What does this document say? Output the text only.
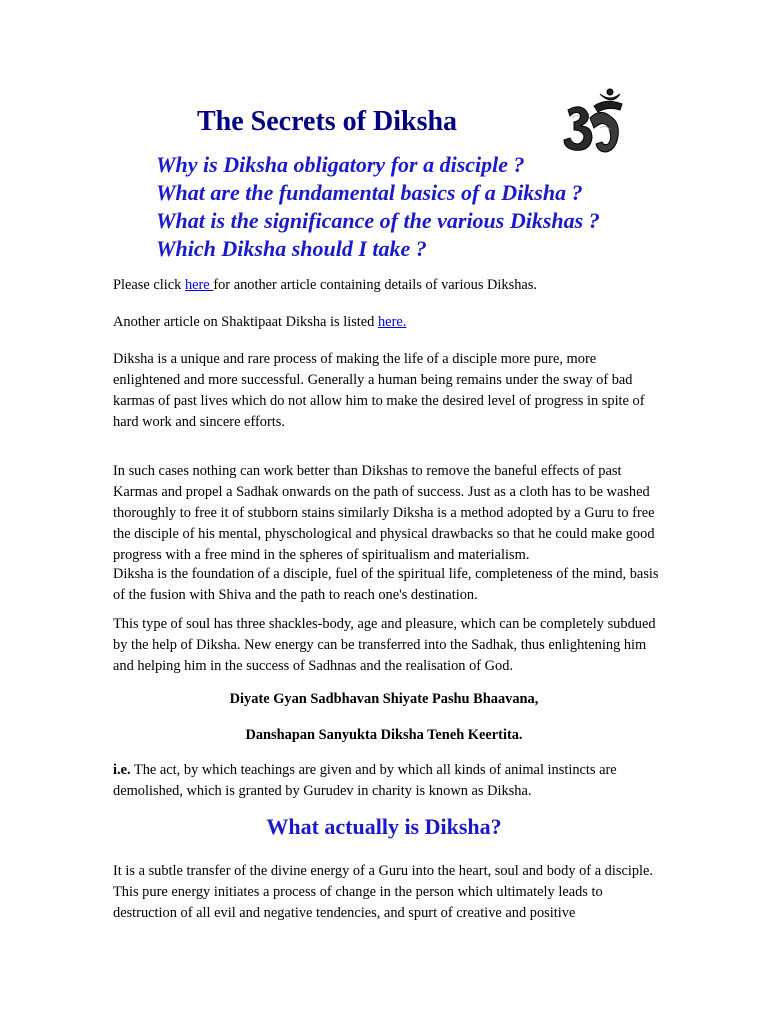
The Secrets of Diksha
Why is Diksha obligatory for a disciple ?
What are the fundamental basics of a Diksha ?
What is the significance of the various Dikshas ?
Which Diksha should I take ?

Please click here for another article containing details of various Dikshas.

Another article on Shaktipaat Diksha is listed here.

Diksha is a unique and rare process of making the life of a disciple more pure, more enlightened and more successful. Generally a human being remains under the sway of bad karmas of past lives which do not allow him to make the desired level of progress in spite of hard work and sincere efforts.

In such cases nothing can work better than Dikshas to remove the baneful effects of past Karmas and propel a Sadhak onwards on the path of success. Just as a cloth has to be washed thoroughly to free it of stubborn stains similarly Diksha is a method adopted by a Guru to free the disciple of his mental, physchological and physical drawbacks so that he could make good progress with a free mind in the spheres of spiritualism and materialism.

Diksha is the foundation of a disciple, fuel of the spiritual life, completeness of the mind, basis of the fusion with Shiva and the path to reach one's destination.

This type of soul has three shackles-body, age and pleasure, which can be completely subdued by the help of Diksha. New energy can be transferred into the Sadhak, thus enlightening him and helping him in the success of Sadhnas and the realisation of God.

Diyate Gyan Sadbhavan Shiyate Pashu Bhaavana,

Danshapan Sanyukta Diksha Teneh Keertita.

i.e. The act, by which teachings are given and by which all kinds of animal instincts are demolished, which is granted by Gurudev in charity is known as Diksha.

What actually is Diksha?

It is a subtle transfer of the divine energy of a Guru into the heart, soul and body of a disciple. This pure energy initiates a process of change in the person which ultimately leads to destruction of all evil and negative tendencies, and spurt of creative and positive
